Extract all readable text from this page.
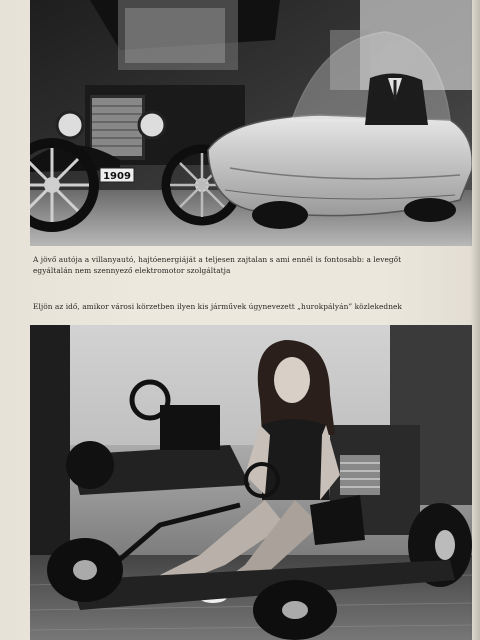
1909
A jövő autója a villanyautó, hajtóenergiáját a teljesen zajtalan s ami ennél is fontosabb: a levegőt
egyáltalán nem szennyező elektromotor szolgáltatja
Eljön az idő, amikor városi körzetben ilyen kis járművek úgynevezett „hurokpályán” közlekednek
